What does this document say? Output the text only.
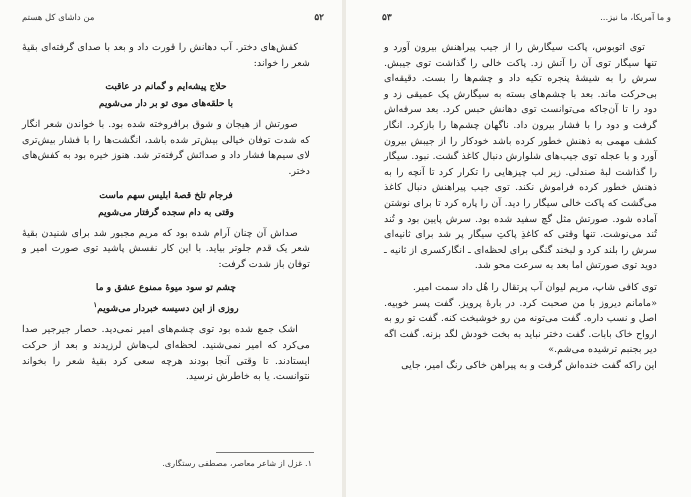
من داشای کل هستم	۵۲

کفش‌های دختر. آب دهانش را قورت داد و بعد با صدای گرفته‌ای بقیهٔ شعر را خواند:

حلاج پیشه‌ایم و گمانم در عاقبت

با حلقه‌های موی تو بر دار می‌شویم

صورتش از هیجان و شوق برافروخته شده بود. با خواندن شعر انگار که شدت توفان خیالی بیش‌تر شده باشد، انگشت‌ها را با فشار بیش‌تری لای سیم‌ها فشار داد و صدائش گرفته‌تر شد. هنوز خیره بود به کفش‌های دختر.

فرجام تلخ قصهٔ ابلیس سهم ماست

وقتی به دام سجده گرفتار می‌شویم

صداش آن چنان آرام شده بود که مریم مجبور شد برای شنیدن بقیهٔ شعر یک قدم جلوتر بیاید. با این کار نفسش پاشید توی صورت امیر و توفان باز شدت گرفت:

چشم تو سود میوهٔ ممنوع عشق و ما

روزی از این دسیسه خبردار می‌شویم$^۱$

اشک جمع شده بود توی چشم‌های امیر نمی‌دید. حصار جیرجیر صدا می‌کرد که امیر نمی‌شنید. لحظه‌ای لب‌هاش لرزیدند و بعد از حرکت ایستادند. تا وقتی آنجا بودند هرچه سعی کرد بقیهٔ شعر را بخواند نتوانست. یا به خاطرش نرسید.

۱. غزل از شاعر معاصر، مصطفی رستگاری.
۵۳	و ما آمریکا، ما نیز...

توی اتوبوس، پاکت سیگارش را از جیب پیراهنش بیرون آورد و تنها سیگار توی آن را آتش زد. پاکت خالی را گذاشت توی جیبش. سرش را به شیشهٔ پنجره تکیه داد و چشم‌ها را بست. دقیقه‌ای بی‌حرکت ماند. بعد با چشم‌های بسته به سیگارش پک عمیقی زد و دود را تا آن‌جاکه می‌توانست توی دهانش حبس کرد. بعد سرفه‌اش گرفت و دود را با فشار بیرون داد. ناگهان چشم‌ها را بازکرد. انگار کشف مهمی به ذهنش خطور کرده باشد خودکار را از جیبش بیرون آورد و با عجله توی جیب‌های شلوارش دنبال کاغذ گشت. نبود. سیگار را گذاشت لبهٔ صندلی. زیر لب چیزهایی را تکرار کرد تا آنچه را به ذهنش خطور کرده فراموش نکند. توی جیب پیراهنش دنبال کاغذ می‌گشت که پاکت خالی سیگار را دید. آن را پاره کرد تا برای نوشتن آماده شود. صورتش مثل گچ سفید شده بود. سرش پایین بود و تُند تُند می‌نوشت. تنها وقتی که کاغذِ پاکتِ سیگار پر شد برای ثانیه‌ای سرش را بلند کرد و لبخند گنگی برای لحظه‌ای ـ انگارکسری از ثانیه ـ دوید توی صورتش اما بعد به سرعت محو شد.

توی کافی شاپ، مریم لیوان آب پرتقال را هُل داد سمت امیر.

«مامانم دیروز با من صحبت کرد. در بارهٔ پرویز. گفت پسر خوبیه. اصل و نسب داره. گفت می‌تونه من رو خوشبخت کنه. گفت تو رو به ارواح خاک بابات. گفت دختر نباید به بخت خودش لگد بزنه. گفت اگه دیر بجنبم ترشیده می‌شم.»

این راکه گفت خنده‌اش گرفت و به پیراهن خاکی رنگ امیر، جایی
